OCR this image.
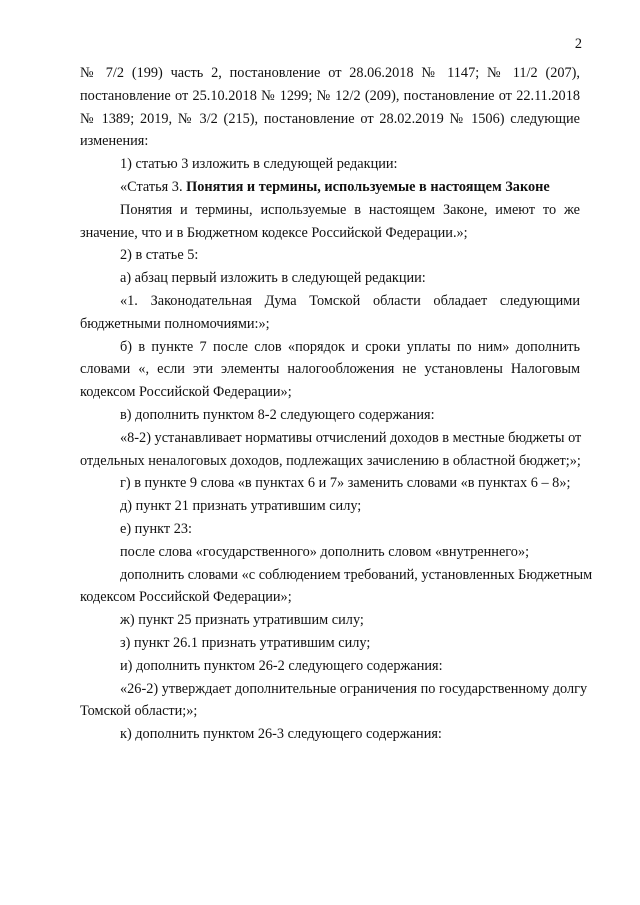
2
№ 7/2 (199) часть 2, постановление от 28.06.2018 № 1147; № 11/2 (207),
постановление от 25.10.2018 № 1299; № 12/2 (209), постановление от 22.11.2018
№ 1389; 2019, № 3/2 (215), постановление от 28.02.2019 № 1506) следующие
изменения:
1) статью 3 изложить в следующей редакции:
«Статья 3. Понятия и термины, используемые в настоящем Законе
Понятия и термины, используемые в настоящем Законе, имеют то же
значение, что и в Бюджетном кодексе Российской Федерации.»;
2) в статье 5:
а) абзац первый изложить в следующей редакции:
«1. Законодательная Дума Томской области обладает следующими
бюджетными полномочиями:»;
б) в пункте 7 после слов «порядок и сроки уплаты по ним» дополнить
словами «, если эти элементы налогообложения не установлены Налоговым
кодексом Российской Федерации»;
в) дополнить пунктом 8-2 следующего содержания:
«8-2) устанавливает нормативы отчислений доходов в местные бюджеты от
отдельных неналоговых доходов, подлежащих зачислению в областной бюджет;»;
г) в пункте 9 слова «в пунктах 6 и 7» заменить словами «в пунктах 6 – 8»;
д) пункт 21 признать утратившим силу;
е) пункт 23:
после слова «государственного» дополнить словом «внутреннего»;
дополнить словами «с соблюдением требований, установленных Бюджетным
кодексом Российской Федерации»;
ж) пункт 25 признать утратившим силу;
з) пункт 26.1 признать утратившим силу;
и) дополнить пунктом 26-2 следующего содержания:
«26-2) утверждает дополнительные ограничения по государственному долгу
Томской области;»;
к) дополнить пунктом 26-3 следующего содержания:
